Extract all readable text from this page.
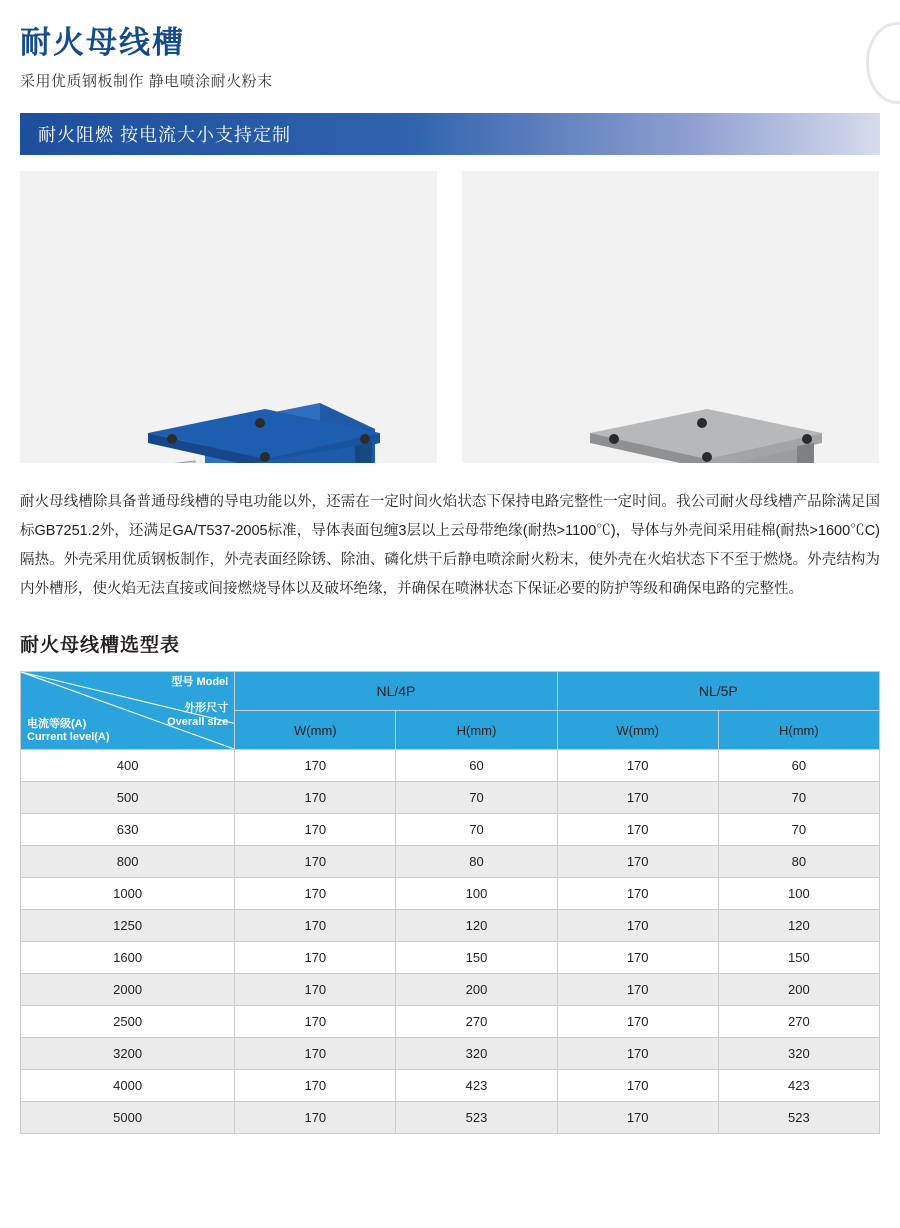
耐火母线槽

采用优质钢板制作 静电喷涂耐火粉末

耐火阻燃 按电流大小支持定制

耐火母线槽除具备普通母线槽的导电功能以外，还需在一定时间火焰状态下保持电路完整性一定时间。我公司耐火母线槽产品除满足国标GB7251.2外，还满足GA/T537-2005标准，导体表面包缠3层以上云母带绝缘(耐热>1100℃)，导体与外壳间采用硅棉(耐热>1600℃C)隔热。外壳采用优质钢板制作，外壳表面经除锈、除油、磷化烘干后静电喷涂耐火粉末，使外壳在火焰状态下不至于燃烧。外壳结构为内外槽形，使火焰无法直接或间接燃烧导体以及破坏绝缘，并确保在喷淋状态下保证必要的防护等级和确保电路的完整性。

耐火母线槽选型表
型号 Model
外形尺寸
Overall size
电流等级(A)
Current level(A)	NL/4P		NL/5P	
	W(mm)	H(mm)	W(mm)	H(mm)
400	170	60	170	60
500	170	70	170	70
630	170	70	170	70
800	170	80	170	80
1000	170	100	170	100
1250	170	120	170	120
1600	170	150	170	150
2000	170	200	170	200
2500	170	270	170	270
3200	170	320	170	320
4000	170	423	170	423
5000	170	523	170	523
